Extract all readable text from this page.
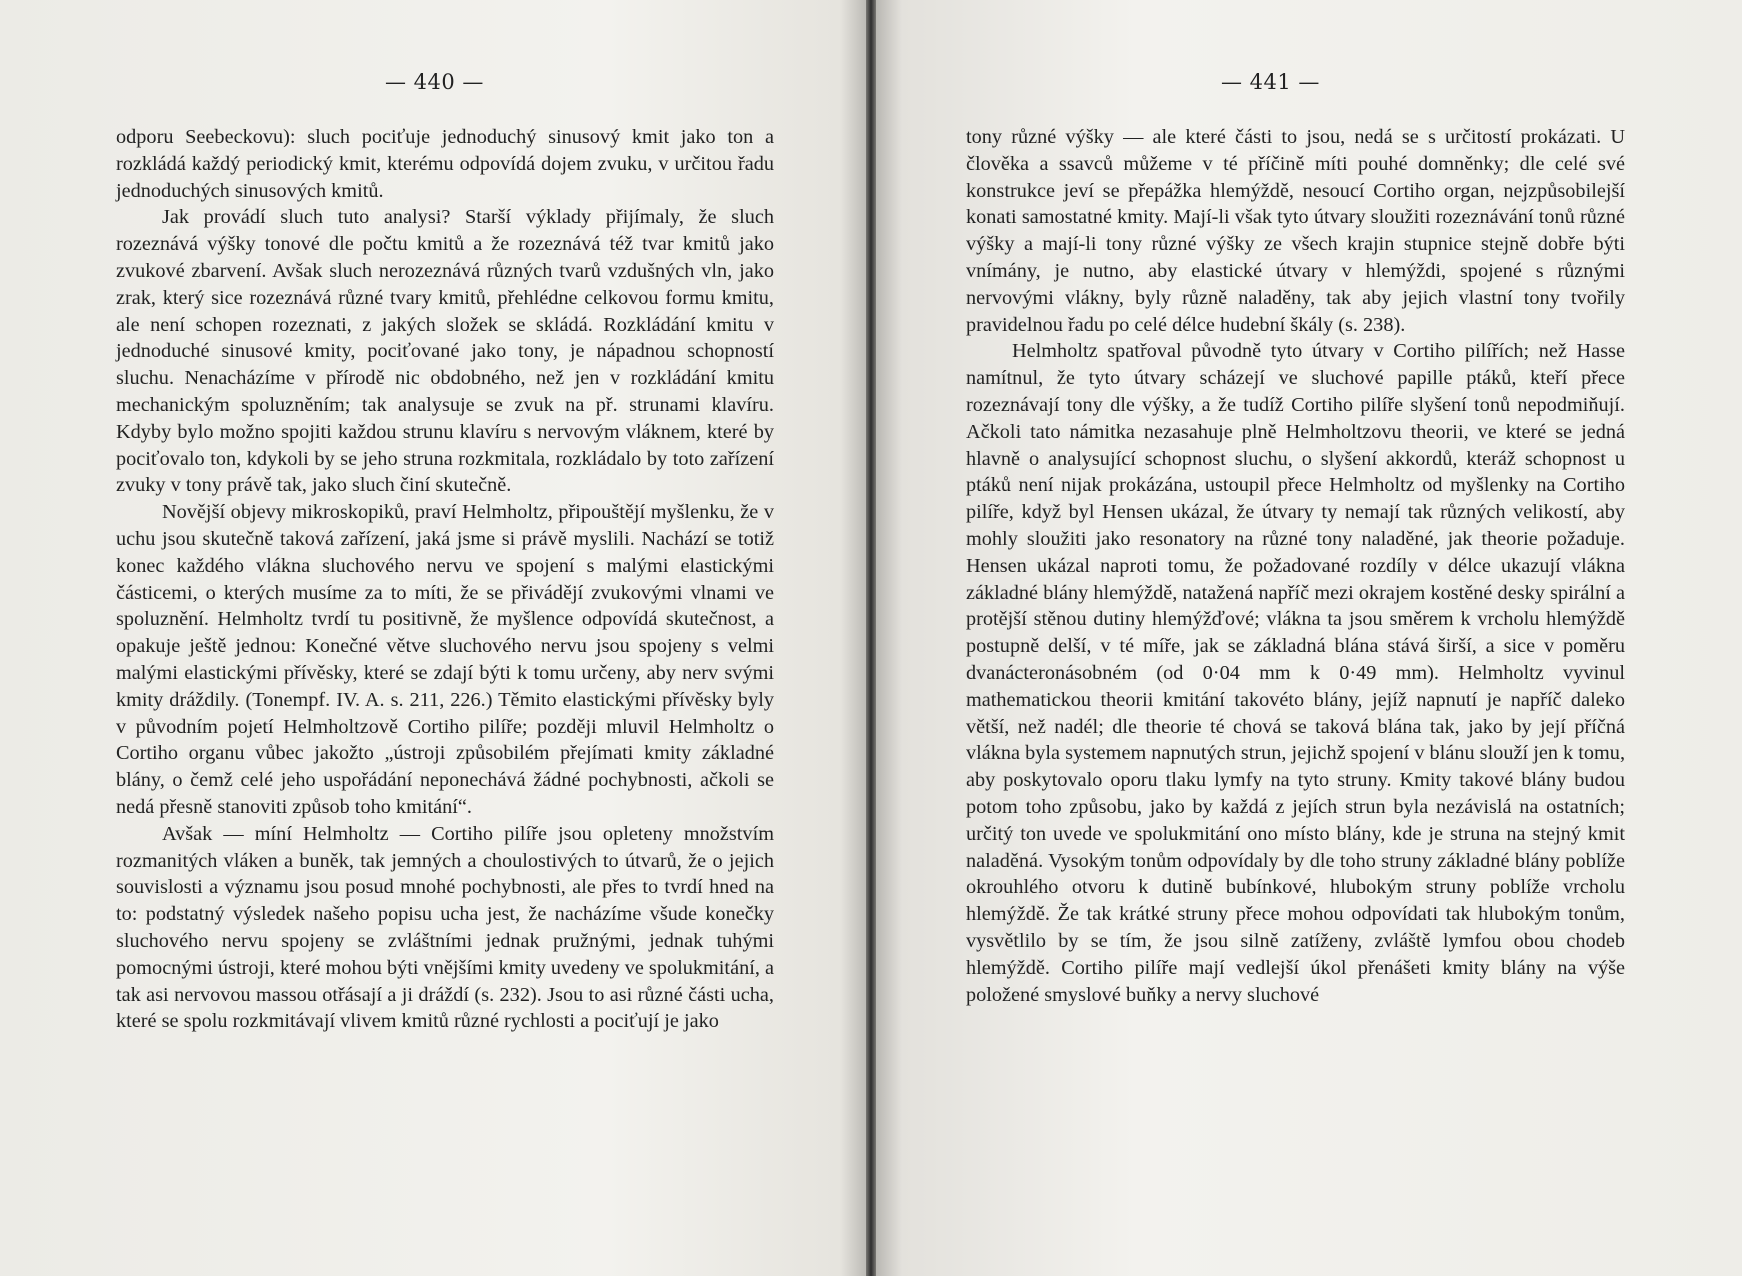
— 440 —

odporu Seebeckovu): sluch pociťuje jednoduchý sinusový kmit jako ton a rozkládá každý periodický kmit, kterému odpovídá dojem zvuku, v určitou řadu jednoduchých sinusových kmitů.

Jak provádí sluch tuto analysi? Starší výklady přijímaly, že sluch rozeznává výšky tonové dle počtu kmitů a že rozeznává též tvar kmitů jako zvukové zbarvení. Avšak sluch nerozeznává různých tvarů vzdušných vln, jako zrak, který sice rozeznává různé tvary kmitů, přehlédne celkovou formu kmitu, ale není schopen rozeznati, z jakých složek se skládá. Rozkládání kmitu v jednoduché sinusové kmity, pociťované jako tony, je nápadnou schopností sluchu. Nenacházíme v přírodě nic obdobného, než jen v rozkládání kmitu mechanickým spoluzněním; tak analysuje se zvuk na př. strunami klavíru. Kdyby bylo možno spojiti každou strunu klavíru s nervovým vláknem, které by pociťovalo ton, kdykoli by se jeho struna rozkmitala, rozkládalo by toto zařízení zvuky v tony právě tak, jako sluch činí skutečně.

Novější objevy mikroskopiků, praví Helmholtz, připouštějí myšlenku, že v uchu jsou skutečně taková zařízení, jaká jsme si právě myslili. Nachází se totiž konec každého vlákna sluchového nervu ve spojení s malými elastickými částicemi, o kterých musíme za to míti, že se přivádějí zvukovými vlnami ve spoluznění. Helmholtz tvrdí tu positivně, že myšlence odpovídá skutečnost, a opakuje ještě jednou: Konečné větve sluchového nervu jsou spojeny s velmi malými elastickými přívěsky, které se zdají býti k tomu určeny, aby nerv svými kmity dráždily. (Tonempf. IV. A. s. 211, 226.) Těmito elastickými přívěsky byly v původním pojetí Helmholtzově Cortiho pilíře; později mluvil Helmholtz o Cortiho organu vůbec jakožto „ústroji způsobilém přejímati kmity základné blány, o čemž celé jeho uspořádání neponechává žádné pochybnosti, ačkoli se nedá přesně stanoviti způsob toho kmitání“.

Avšak — míní Helmholtz — Cortiho pilíře jsou opleteny množstvím rozmanitých vláken a buněk, tak jemných a choulostivých to útvarů, že o jejich souvislosti a významu jsou posud mnohé pochybnosti, ale přes to tvrdí hned na to: podstatný výsledek našeho popisu ucha jest, že nacházíme všude konečky sluchového nervu spojeny se zvláštními jednak pružnými, jednak tuhými pomocnými ústroji, které mohou býti vnějšími kmity uvedeny ve spolukmitání, a tak asi nervovou massou otřásají a ji dráždí (s. 232). Jsou to asi různé části ucha, které se spolu rozkmitávají vlivem kmitů různé rychlosti a pociťují je jako

— 441 —

tony různé výšky — ale které části to jsou, nedá se s určitostí prokázati. U člověka a ssavců můžeme v té příčině míti pouhé domněnky; dle celé své konstrukce jeví se přepážka hlemýždě, nesoucí Cortiho organ, nejzpůsobilejší konati samostatné kmity. Mají-li však tyto útvary sloužiti rozeznávání tonů různé výšky a mají-li tony různé výšky ze všech krajin stupnice stejně dobře býti vnímány, je nutno, aby elastické útvary v hlemýždi, spojené s různými nervovými vlákny, byly různě naladěny, tak aby jejich vlastní tony tvořily pravidelnou řadu po celé délce hudební škály (s. 238).

Helmholtz spatřoval původně tyto útvary v Cortiho pilířích; než Hasse namítnul, že tyto útvary scházejí ve sluchové papille ptáků, kteří přece rozeznávají tony dle výšky, a že tudíž Cortiho pilíře slyšení tonů nepodmiňují. Ačkoli tato námitka nezasahuje plně Helmholtzovu theorii, ve které se jedná hlavně o analysující schopnost sluchu, o slyšení akkordů, kteráž schopnost u ptáků není nijak prokázána, ustoupil přece Helmholtz od myšlenky na Cortiho pilíře, když byl Hensen ukázal, že útvary ty nemají tak různých velikostí, aby mohly sloužiti jako resonatory na různé tony naladěné, jak theorie požaduje. Hensen ukázal naproti tomu, že požadované rozdíly v délce ukazují vlákna základné blány hlemýždě, natažená napříč mezi okrajem kostěné desky spirální a protější stěnou dutiny hlemýžďové; vlákna ta jsou směrem k vrcholu hlemýždě postupně delší, v té míře, jak se základná blána stává širší, a sice v poměru dvanácteronásobném (od 0·04 mm k 0·49 mm). Helmholtz vyvinul mathematickou theorii kmitání takovéto blány, jejíž napnutí je napříč daleko větší, než nadél; dle theorie té chová se taková blána tak, jako by její příčná vlákna byla systemem napnutých strun, jejichž spojení v blánu slouží jen k tomu, aby poskytovalo oporu tlaku lymfy na tyto struny. Kmity takové blány budou potom toho způsobu, jako by každá z jejích strun byla nezávislá na ostatních; určitý ton uvede ve spolukmitání ono místo blány, kde je struna na stejný kmit naladěná. Vysokým tonům odpovídaly by dle toho struny základné blány poblíže okrouhlého otvoru k dutině bubínkové, hlubokým struny poblíže vrcholu hlemýždě. Že tak krátké struny přece mohou odpovídati tak hlubokým tonům, vysvětlilo by se tím, že jsou silně zatíženy, zvláště lymfou obou chodeb hlemýždě. Cortiho pilíře mají vedlejší úkol přenášeti kmity blány na výše položené smyslové buňky a nervy sluchové
